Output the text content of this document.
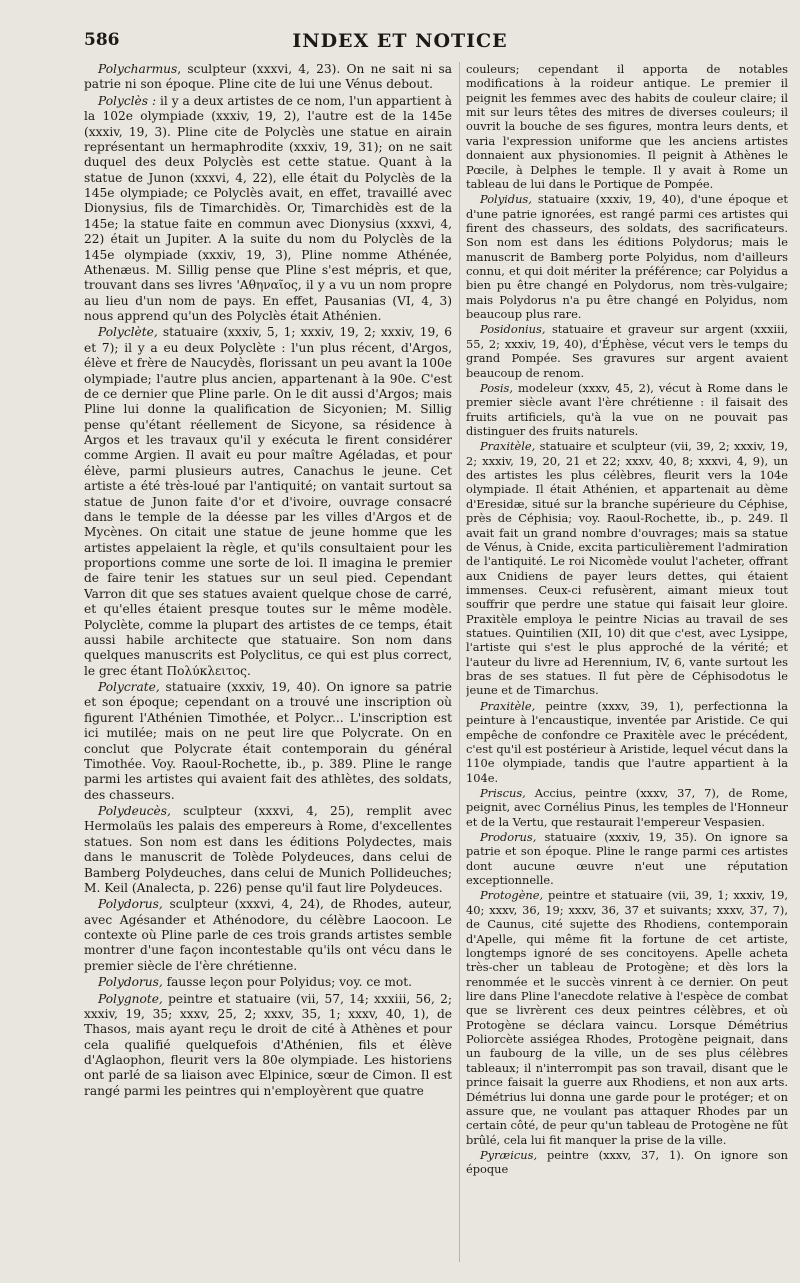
586	INDEX ET NOTICE

Polycharmus, sculpteur (xxxvi, 4, 23). On ne sait ni sa patrie ni son époque. Pline cite de lui une Vénus debout.

Polyclès : il y a deux artistes de ce nom, l'un appartient à la 102e olympiade (xxxiv, 19, 2), l'autre est de la 145e (xxxiv, 19, 3). Pline cite de Polyclès une statue en airain représentant un hermaphrodite (xxxiv, 19, 31); on ne sait duquel des deux Polyclès est cette statue. Quant à la statue de Junon (xxxvi, 4, 22), elle était du Polyclès de la 145e olympiade; ce Polyclès avait, en effet, travaillé avec Dionysius, fils de Timarchidès. Or, Timarchidès est de la 145e; la statue faite en commun avec Dionysius (xxxvi, 4, 22) était un Jupiter. A la suite du nom du Polyclès de la 145e olympiade (xxxiv, 19, 3), Pline nomme Athénée, Athenæus. M. Sillig pense que Pline s'est mépris, et que, trouvant dans ses livres 'Αθηναῖος, il y a vu un nom propre au lieu d'un nom de pays. En effet, Pausanias (VI, 4, 3) nous apprend qu'un des Polyclès était Athénien.

Polyclète, statuaire (xxxiv, 5, 1; xxxiv, 19, 2; xxxiv, 19, 6 et 7); il y a eu deux Polyclète : l'un plus récent, d'Argos, élève et frère de Naucydès, florissant un peu avant la 100e olympiade; l'autre plus ancien, appartenant à la 90e. C'est de ce dernier que Pline parle. On le dit aussi d'Argos; mais Pline lui donne la qualification de Sicyonien; M. Sillig pense qu'étant réellement de Sicyone, sa résidence à Argos et les travaux qu'il y exécuta le firent considérer comme Argien. Il avait eu pour maître Agéladas, et pour élève, parmi plusieurs autres, Canachus le jeune. Cet artiste a été très-loué par l'antiquité; on vantait surtout sa statue de Junon faite d'or et d'ivoire, ouvrage consacré dans le temple de la déesse par les villes d'Argos et de Mycènes. On citait une statue de jeune homme que les artistes appelaient la règle, et qu'ils consultaient pour les proportions comme une sorte de loi. Il imagina le premier de faire tenir les statues sur un seul pied. Cependant Varron dit que ses statues avaient quelque chose de carré, et qu'elles étaient presque toutes sur le même modèle. Polyclète, comme la plupart des artistes de ce temps, était aussi habile architecte que statuaire. Son nom dans quelques manuscrits est Polyclitus, ce qui est plus correct, le grec étant Πολύκλειτος.

Polycrate, statuaire (xxxiv, 19, 40). On ignore sa patrie et son époque; cependant on a trouvé une inscription où figurent l'Athénien Timothée, et Polycr... L'inscription est ici mutilée; mais on ne peut lire que Polycrate. On en conclut que Polycrate était contemporain du général Timothée. Voy. Raoul-Rochette, ib., p. 389. Pline le range parmi les artistes qui avaient fait des athlètes, des soldats, des chasseurs.

Polydeucès, sculpteur (xxxvi, 4, 25), remplit avec Hermolaüs les palais des empereurs à Rome, d'excellentes statues. Son nom est dans les éditions Polydectes, mais dans le manuscrit de Tolède Polydeuces, dans celui de Bamberg Polydeuches, dans celui de Munich Pollideuches; M. Keil (Analecta, p. 226) pense qu'il faut lire Polydeuces.

Polydorus, sculpteur (xxxvi, 4, 24), de Rhodes, auteur, avec Agésander et Athénodore, du célèbre Laocoon. Le contexte où Pline parle de ces trois grands artistes semble montrer d'une façon incontestable qu'ils ont vécu dans le premier siècle de l'ère chrétienne.

Polydorus, fausse leçon pour Polyidus; voy. ce mot.

Polygnote, peintre et statuaire (vii, 57, 14; xxxiii, 56, 2; xxxiv, 19, 35; xxxv, 25, 2; xxxv, 35, 1; xxxv, 40, 1), de Thasos, mais ayant reçu le droit de cité à Athènes et pour cela qualifié quelquefois d'Athénien, fils et élève d'Aglaophon, fleurit vers la 80e olympiade. Les historiens ont parlé de sa liaison avec Elpinice, sœur de Cimon. Il est rangé parmi les peintres qui n'employèrent que quatre

couleurs; cependant il apporta de notables modifications à la roideur antique. Le premier il peignit les femmes avec des habits de couleur claire; il mit sur leurs têtes des mitres de diverses couleurs; il ouvrit la bouche de ses figures, montra leurs dents, et varia l'expression uniforme que les anciens artistes donnaient aux physionomies. Il peignit à Athènes le Pœcile, à Delphes le temple. Il y avait à Rome un tableau de lui dans le Portique de Pompée.

Polyidus, statuaire (xxxiv, 19, 40), d'une époque et d'une patrie ignorées, est rangé parmi ces artistes qui firent des chasseurs, des soldats, des sacrificateurs. Son nom est dans les éditions Polydorus; mais le manuscrit de Bamberg porte Polyidus, nom d'ailleurs connu, et qui doit mériter la préférence; car Polyidus a bien pu être changé en Polydorus, nom très-vulgaire; mais Polydorus n'a pu être changé en Polyidus, nom beaucoup plus rare.

Posidonius, statuaire et graveur sur argent (xxxiii, 55, 2; xxxiv, 19, 40), d'Éphèse, vécut vers le temps du grand Pompée. Ses gravures sur argent avaient beaucoup de renom.

Posis, modeleur (xxxv, 45, 2), vécut à Rome dans le premier siècle avant l'ère chrétienne : il faisait des fruits artificiels, qu'à la vue on ne pouvait pas distinguer des fruits naturels.

Praxitèle, statuaire et sculpteur (vii, 39, 2; xxxiv, 19, 2; xxxiv, 19, 20, 21 et 22; xxxv, 40, 8; xxxvi, 4, 9), un des artistes les plus célèbres, fleurit vers la 104e olympiade. Il était Athénien, et appartenait au dème d'Eresidæ, situé sur la branche supérieure du Céphise, près de Céphisia; voy. Raoul-Rochette, ib., p. 249. Il avait fait un grand nombre d'ouvrages; mais sa statue de Vénus, à Cnide, excita particulièrement l'admiration de l'antiquité. Le roi Nicomède voulut l'acheter, offrant aux Cnidiens de payer leurs dettes, qui étaient immenses. Ceux-ci refusèrent, aimant mieux tout souffrir que perdre une statue qui faisait leur gloire. Praxitèle employa le peintre Nicias au travail de ses statues. Quintilien (XII, 10) dit que c'est, avec Lysippe, l'artiste qui s'est le plus approché de la vérité; et l'auteur du livre ad Herennium, IV, 6, vante surtout les bras de ses statues. Il fut père de Céphisodotus le jeune et de Timarchus.

Praxitèle, peintre (xxxv, 39, 1), perfectionna la peinture à l'encaustique, inventée par Aristide. Ce qui empêche de confondre ce Praxitèle avec le précédent, c'est qu'il est postérieur à Aristide, lequel vécut dans la 110e olympiade, tandis que l'autre appartient à la 104e.

Priscus, Accius, peintre (xxxv, 37, 7), de Rome, peignit, avec Cornélius Pinus, les temples de l'Honneur et de la Vertu, que restaurait l'empereur Vespasien.

Prodorus, statuaire (xxxiv, 19, 35). On ignore sa patrie et son époque. Pline le range parmi ces artistes dont aucune œuvre n'eut une réputation exceptionnelle.

Protogène, peintre et statuaire (vii, 39, 1; xxxiv, 19, 40; xxxv, 36, 19; xxxv, 36, 37 et suivants; xxxv, 37, 7), de Caunus, cité sujette des Rhodiens, contemporain d'Apelle, qui même fit la fortune de cet artiste, longtemps ignoré de ses concitoyens. Apelle acheta très-cher un tableau de Protogène; et dès lors la renommée et le succès vinrent à ce dernier. On peut lire dans Pline l'anecdote relative à l'espèce de combat que se livrèrent ces deux peintres célèbres, et où Protogène se déclara vaincu. Lorsque Démétrius Poliorcète assiégea Rhodes, Protogène peignait, dans un faubourg de la ville, un de ses plus célèbres tableaux; il n'interrompit pas son travail, disant que le prince faisait la guerre aux Rhodiens, et non aux arts. Démétrius lui donna une garde pour le protéger; et on assure que, ne voulant pas attaquer Rhodes par un certain côté, de peur qu'un tableau de Protogène ne fût brûlé, cela lui fit manquer la prise de la ville.

Pyræicus, peintre (xxxv, 37, 1). On ignore son époque
